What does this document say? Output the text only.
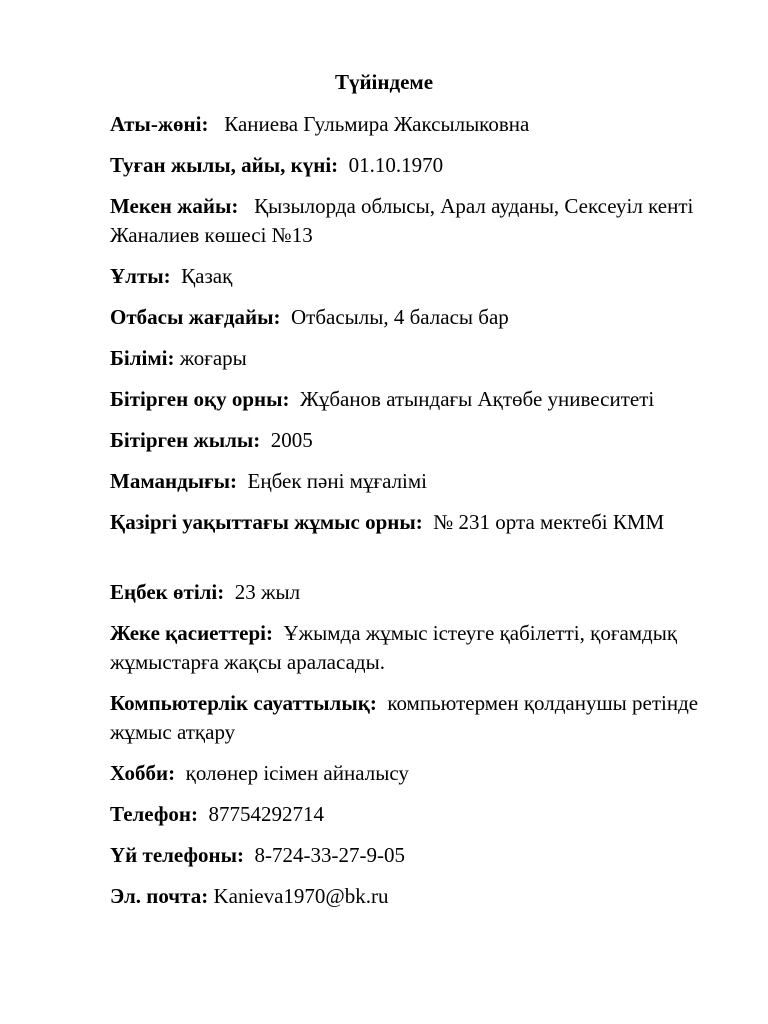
Түйіндеме
Аты-жөні: Каниева Гульмира Жаксылыковна
Туған жылы, айы, күні: 01.10.1970
Мекен жайы: Қызылорда облысы, Арал ауданы, Сексеуіл кенті Жаналиев көшесі №13
Ұлты: Қазақ
Отбасы жағдайы: Отбасылы, 4 баласы бар
Білімі: жоғары
Бітірген оқу орны: Жұбанов атындағы Ақтөбе унивеситеті
Бітірген жылы: 2005
Мамандығы: Еңбек пәні мұғалімі
Қазіргі уақыттағы жұмыс орны: № 231 орта мектебі КММ
Еңбек өтілі: 23 жыл
Жеке қасиеттері: Ұжымда жұмыс істеугe қабілетті, қоғамдық жұмыстарға жақсы араласады.
Компьютерлік сауаттылық: компьютермен қолданушы ретінде жұмыс атқару
Хобби: қолөнер ісімен айналысу
Телефон: 87754292714
Үй телефоны: 8-724-33-27-9-05
Эл. почта: Kanieva1970@bk.ru
